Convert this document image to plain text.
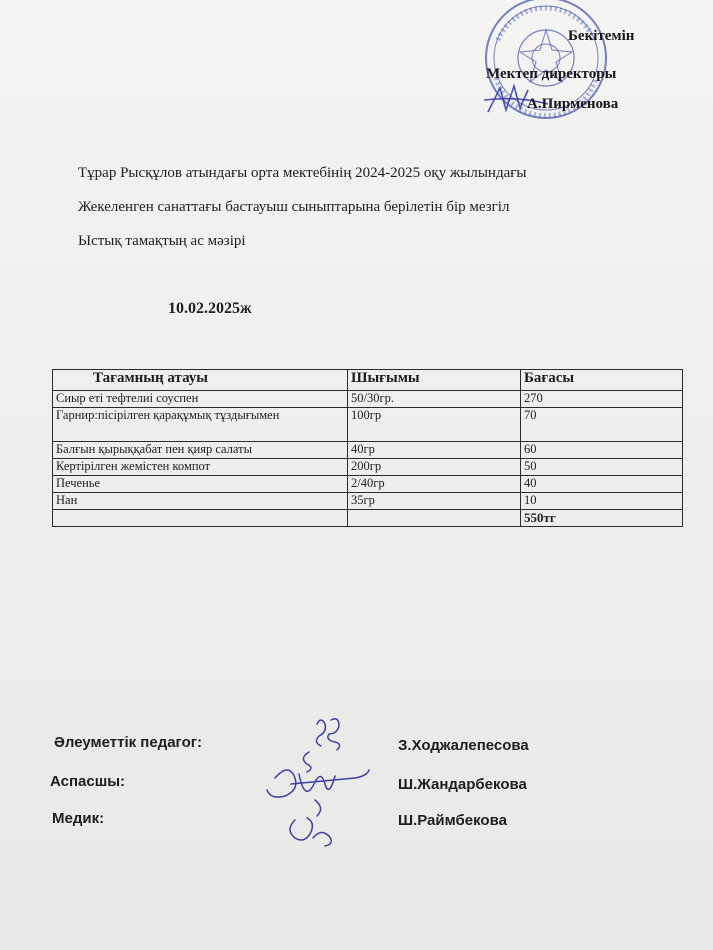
Бекітемін
Мектеп директоры
А.Пирменова
Тұрар Рысқұлов атындағы орта мектебінің 2024-2025 оқу жылындағы
Жекеленген санаттағы бастауыш сыныптарына берілетін бір мезгіл
Ыстық тамақтың ас мәзірі
10.02.2025ж
Тағамның атауы	Шығымы	Бағасы
Сиыр еті тефтелиі соуспен	50/30гр.	270
Гарнир:пісірілген қарақұмық тұздығымен	100гр	70
Балғын қырыққабат пен қияр салаты	40гр	60
Кертірілген жемістен компот	200гр	50
Печенье	2/40гр	40
Нан	35гр	10
		550тг
Әлеуметтік педагог:
Аспасшы:
Медик:
З.Ходжалепесова
Ш.Жандарбекова
Ш.Раймбекова
